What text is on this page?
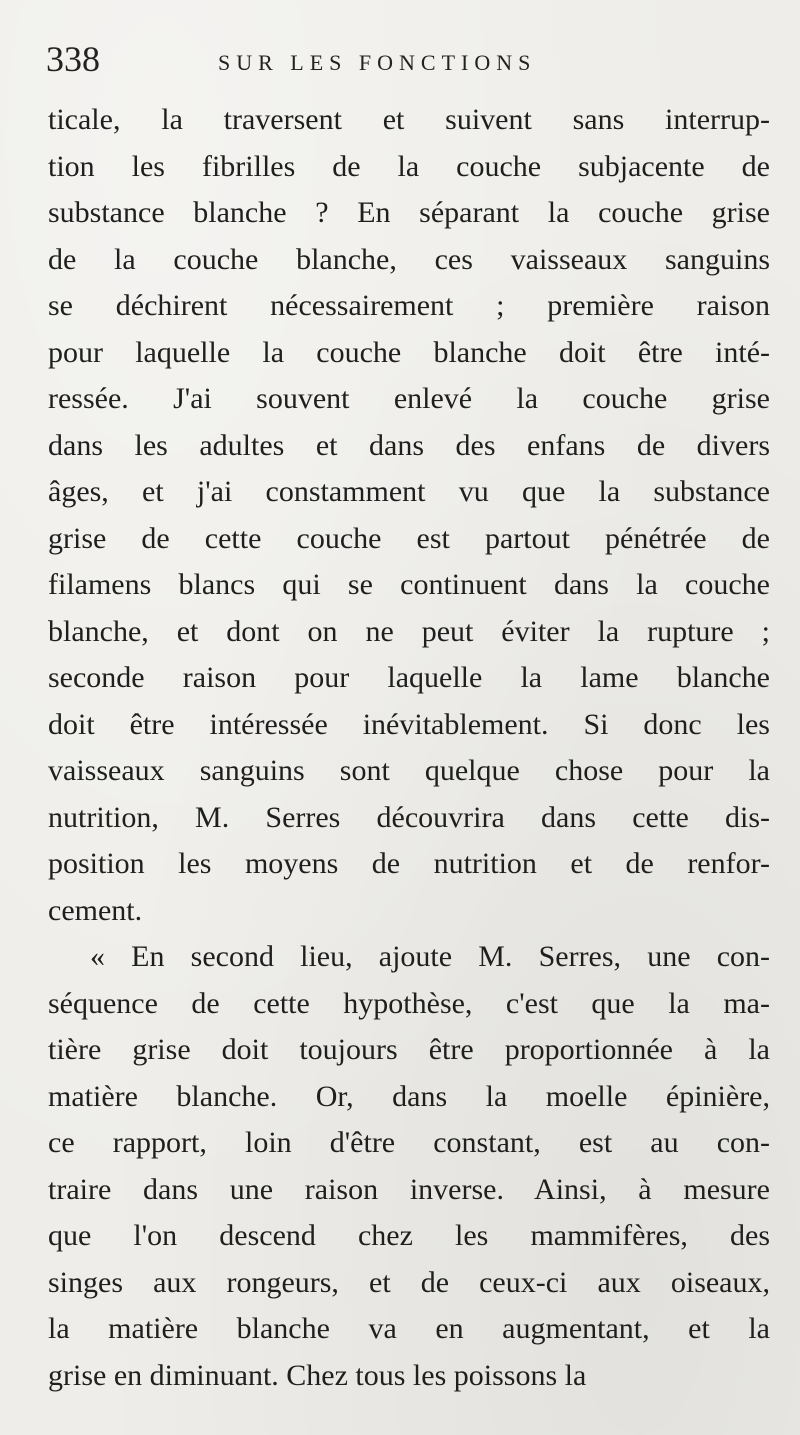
338	SUR LES FONCTIONS
ticale, la traversent et suivent sans interrup-
tion les fibrilles de la couche subjacente de
substance blanche ? En séparant la couche grise
de la couche blanche, ces vaisseaux sanguins
se déchirent nécessairement ; première raison
pour laquelle la couche blanche doit être inté-
ressée. J'ai souvent enlevé la couche grise
dans les adultes et dans des enfans de divers
âges, et j'ai constamment vu que la substance
grise de cette couche est partout pénétrée de
filamens blancs qui se continuent dans la couche
blanche, et dont on ne peut éviter la rupture ;
seconde raison pour laquelle la lame blanche
doit être intéressée inévitablement. Si donc les
vaisseaux sanguins sont quelque chose pour la
nutrition, M. Serres découvrira dans cette dis-
position les moyens de nutrition et de renfor-
cement.
« En second lieu, ajoute M. Serres, une con-
séquence de cette hypothèse, c'est que la ma-
tière grise doit toujours être proportionnée à la
matière blanche. Or, dans la moelle épinière,
ce rapport, loin d'être constant, est au con-
traire dans une raison inverse. Ainsi, à mesure
que l'on descend chez les mammifères, des
singes aux rongeurs, et de ceux-ci aux oiseaux,
la matière blanche va en augmentant, et la
grise en diminuant. Chez tous les poissons la
